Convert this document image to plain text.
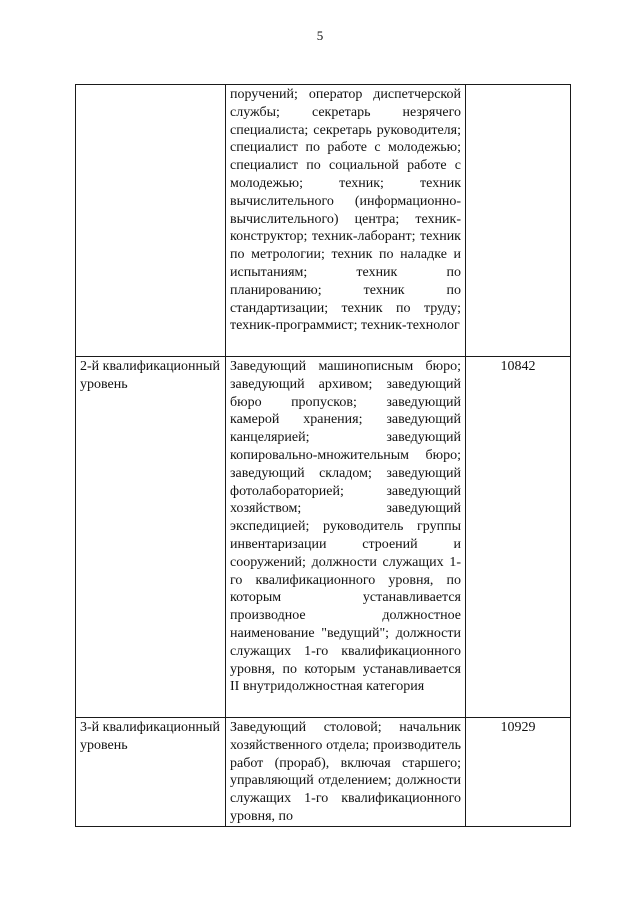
5
	поручений; оператор диспетчерской службы; секретарь незрячего специалиста; секретарь руководителя; специалист по работе с молодежью; специалист по социальной работе с молодежью; техник; техник вычислительного (информационно-вычислительного) центра; техник-конструктор; техник-лаборант; техник по метрологии; техник по наладке и испытаниям; техник по планированию; техник по стандартизации; техник по труду; техник-программист; техник-технолог	
2-й квалификационный уровень	Заведующий машинописным бюро; заведующий архивом; заведующий бюро пропусков; заведующий камерой хранения; заведующий канцелярией; заведующий копировально-множительным бюро; заведующий складом; заведующий фотолабораторией; заведующий хозяйством; заведующий экспедицией; руководитель группы инвентаризации строений и сооружений; должности служащих 1-го квалификационного уровня, по которым устанавливается производное должностное наименование "ведущий"; должности служащих 1-го квалификационного уровня, по которым устанавливается II внутридолжностная категория	10842
3-й квалификационный уровень	Заведующий столовой; начальник хозяйственного отдела; производитель работ (прораб), включая старшего; управляющий отделением; должности служащих 1-го квалификационного уровня, по	10929
